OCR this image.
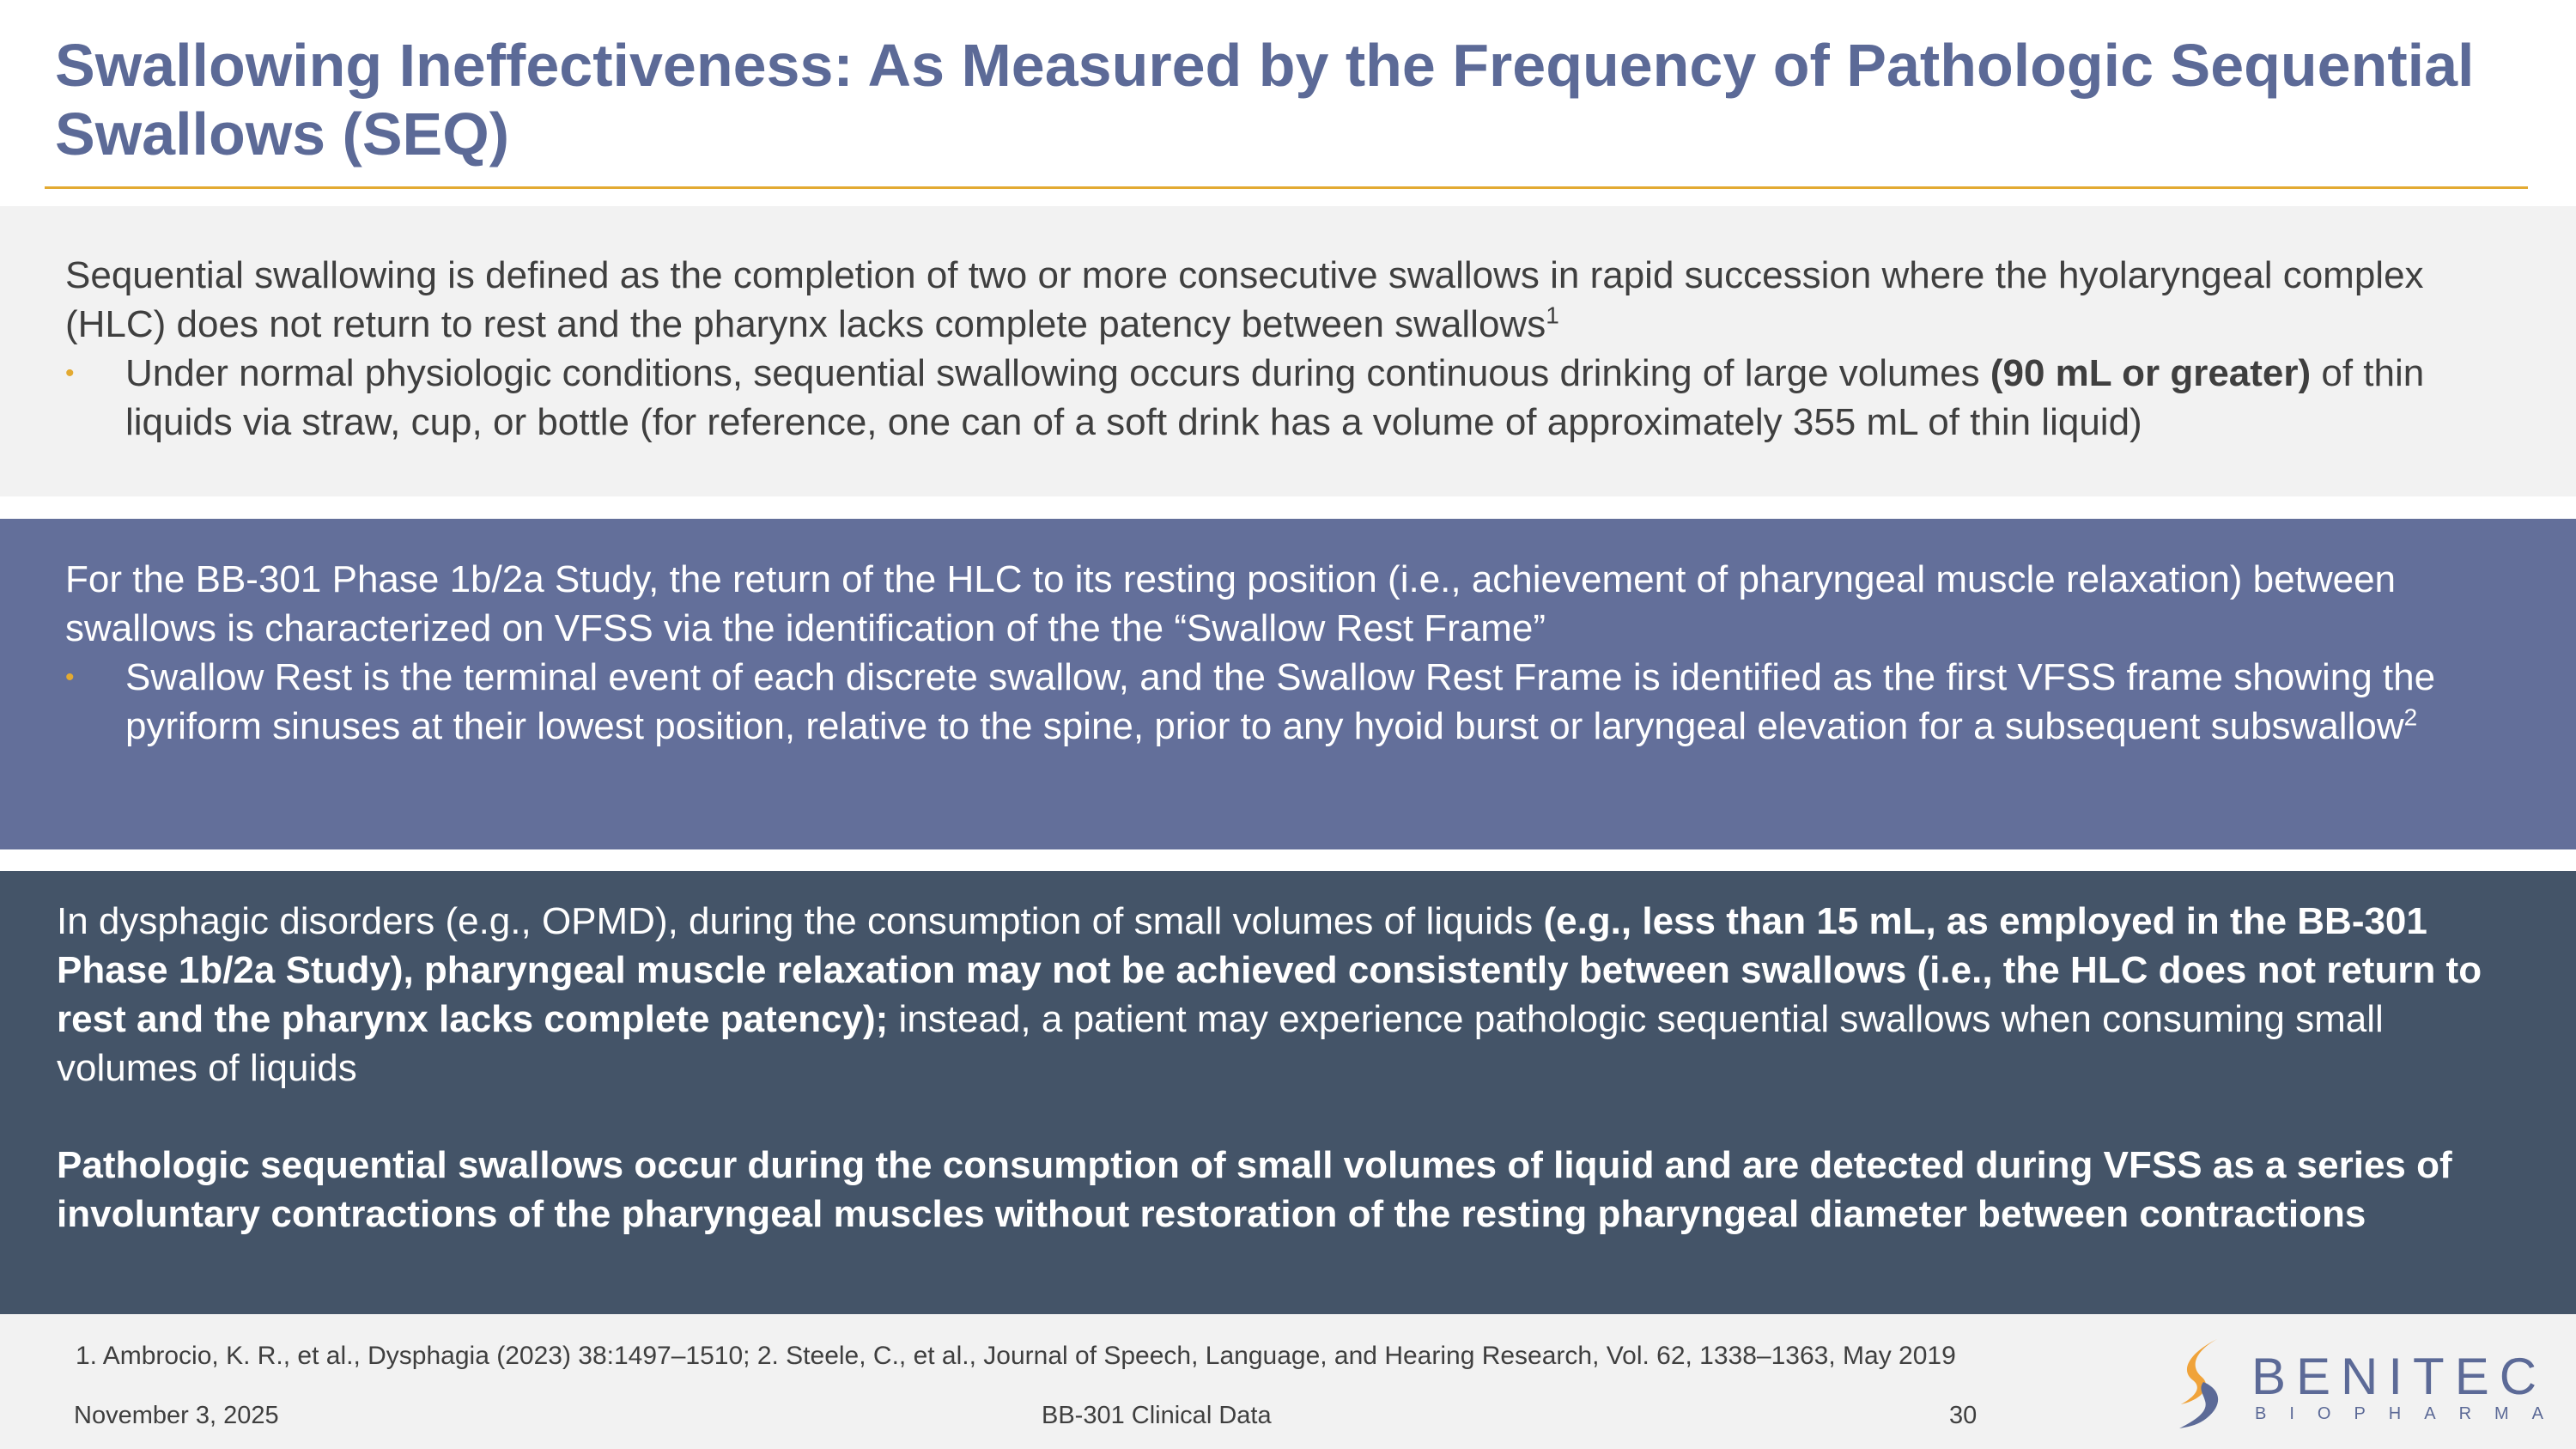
Swallowing Ineffectiveness: As Measured by the Frequency of Pathologic Sequential Swallows (SEQ)

Sequential swallowing is defined as the completion of two or more consecutive swallows in rapid succession where the hyolaryngeal complex (HLC) does not return to rest and the pharynx lacks complete patency between swallows$^1$

• Under normal physiologic conditions, sequential swallowing occurs during continuous drinking of large volumes (90 mL or greater) of thin liquids via straw, cup, or bottle (for reference, one can of a soft drink has a volume of approximately 355 mL of thin liquid)

For the BB-301 Phase 1b/2a Study, the return of the HLC to its resting position (i.e., achievement of pharyngeal muscle relaxation) between swallows is characterized on VFSS via the identification of the the “Swallow Rest Frame”

• Swallow Rest is the terminal event of each discrete swallow, and the Swallow Rest Frame is identified as the first VFSS frame showing the pyriform sinuses at their lowest position, relative to the spine, prior to any hyoid burst or laryngeal elevation for a subsequent subswallow$^2$

In dysphagic disorders (e.g., OPMD), during the consumption of small volumes of liquids (e.g., less than 15 mL, as employed in the BB-301 Phase 1b/2a Study), pharyngeal muscle relaxation may not be achieved consistently between swallows (i.e., the HLC does not return to rest and the pharynx lacks complete patency); instead, a patient may experience pathologic sequential swallows when consuming small volumes of liquids

Pathologic sequential swallows occur during the consumption of small volumes of liquid and are detected during VFSS as a series of involuntary contractions of the pharyngeal muscles without restoration of the resting pharyngeal diameter between contractions

1. Ambrocio, K. R., et al., Dysphagia (2023) 38:1497–1510; 2. Steele, C., et al., Journal of Speech, Language, and Hearing Research, Vol. 62, 1338–1363, May 2019

November 3, 2025	BB-301 Clinical Data	30
BENITEC
BIOPHARMA
